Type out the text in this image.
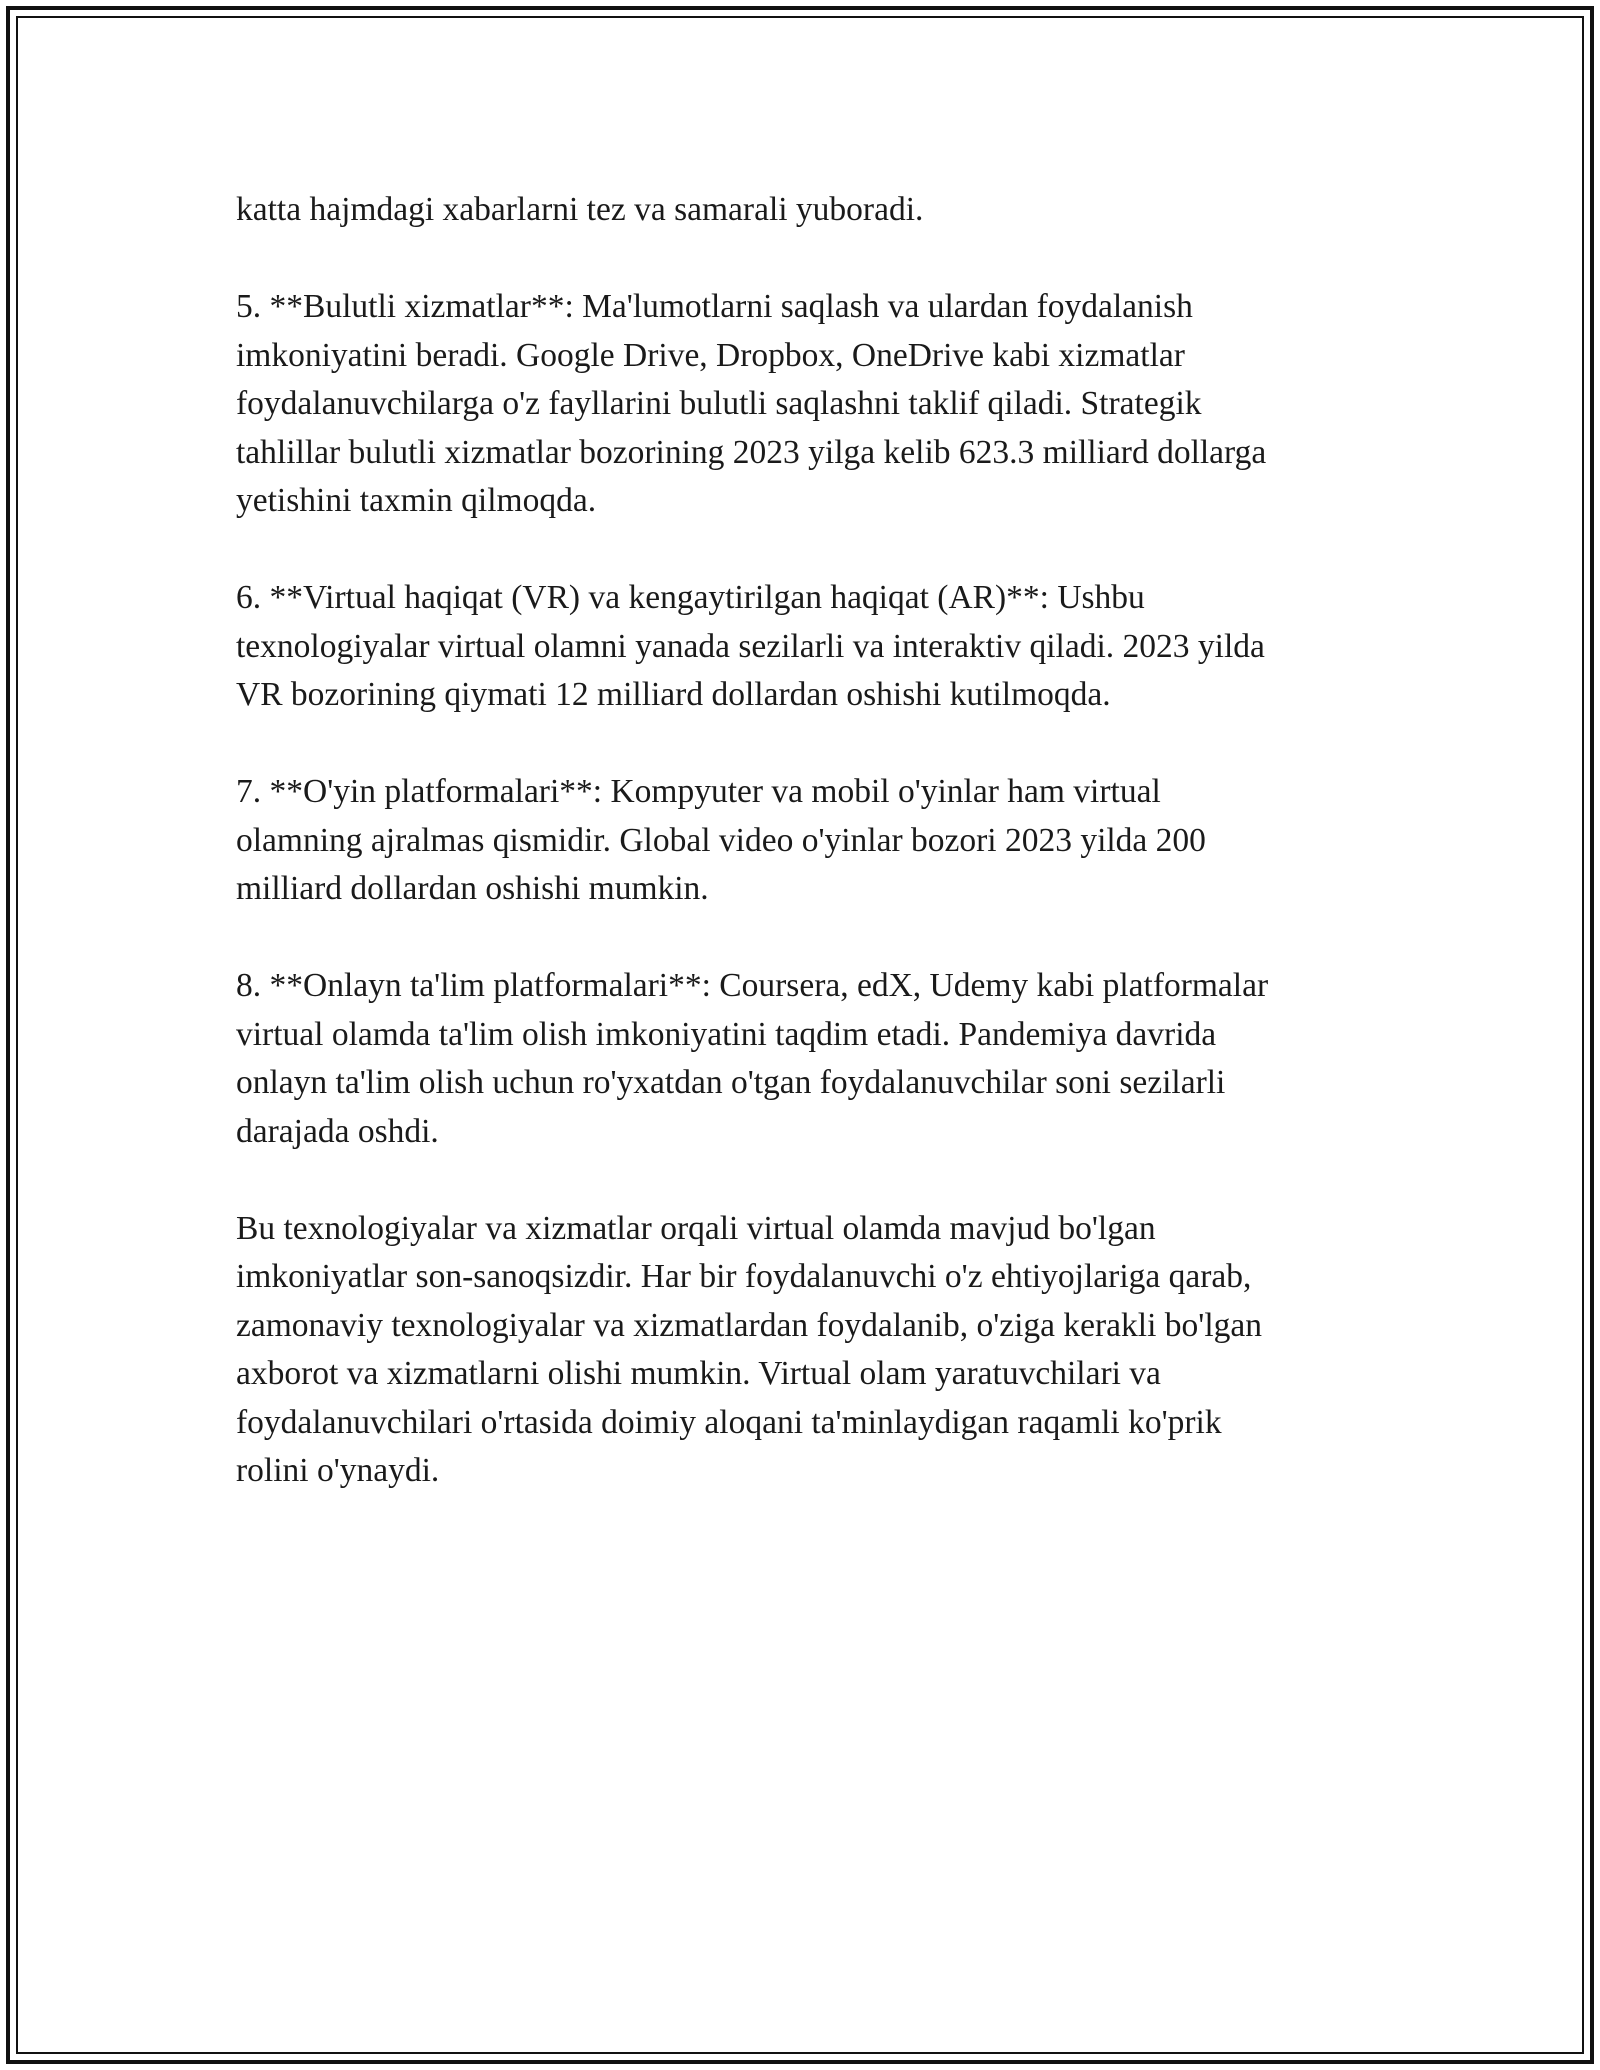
katta hajmdagi xabarlarni tez va samarali yuboradi.

5. **Bulutli xizmatlar**: Ma'lumotlarni saqlash va ulardan foydalanish
imkoniyatini beradi. Google Drive, Dropbox, OneDrive kabi xizmatlar
foydalanuvchilarga o'z fayllarini bulutli saqlashni taklif qiladi. Strategik
tahlillar bulutli xizmatlar bozorining 2023 yilga kelib 623.3 milliard dollarga
yetishini taxmin qilmoqda.

6. **Virtual haqiqat (VR) va kengaytirilgan haqiqat (AR)**: Ushbu
texnologiyalar virtual olamni yanada sezilarli va interaktiv qiladi. 2023 yilda
VR bozorining qiymati 12 milliard dollardan oshishi kutilmoqda.

7. **O'yin platformalari**: Kompyuter va mobil o'yinlar ham virtual
olamning ajralmas qismidir. Global video o'yinlar bozori 2023 yilda 200
milliard dollardan oshishi mumkin.

8. **Onlayn ta'lim platformalari**: Coursera, edX, Udemy kabi platformalar
virtual olamda ta'lim olish imkoniyatini taqdim etadi. Pandemiya davrida
onlayn ta'lim olish uchun ro'yxatdan o'tgan foydalanuvchilar soni sezilarli
darajada oshdi.

Bu texnologiyalar va xizmatlar orqali virtual olamda mavjud bo'lgan
imkoniyatlar son-sanoqsizdir. Har bir foydalanuvchi o'z ehtiyojlariga qarab,
zamonaviy texnologiyalar va xizmatlardan foydalanib, o'ziga kerakli bo'lgan
axborot va xizmatlarni olishi mumkin. Virtual olam yaratuvchilari va
foydalanuvchilari o'rtasida doimiy aloqani ta'minlaydigan raqamli ko'prik
rolini o'ynaydi.
